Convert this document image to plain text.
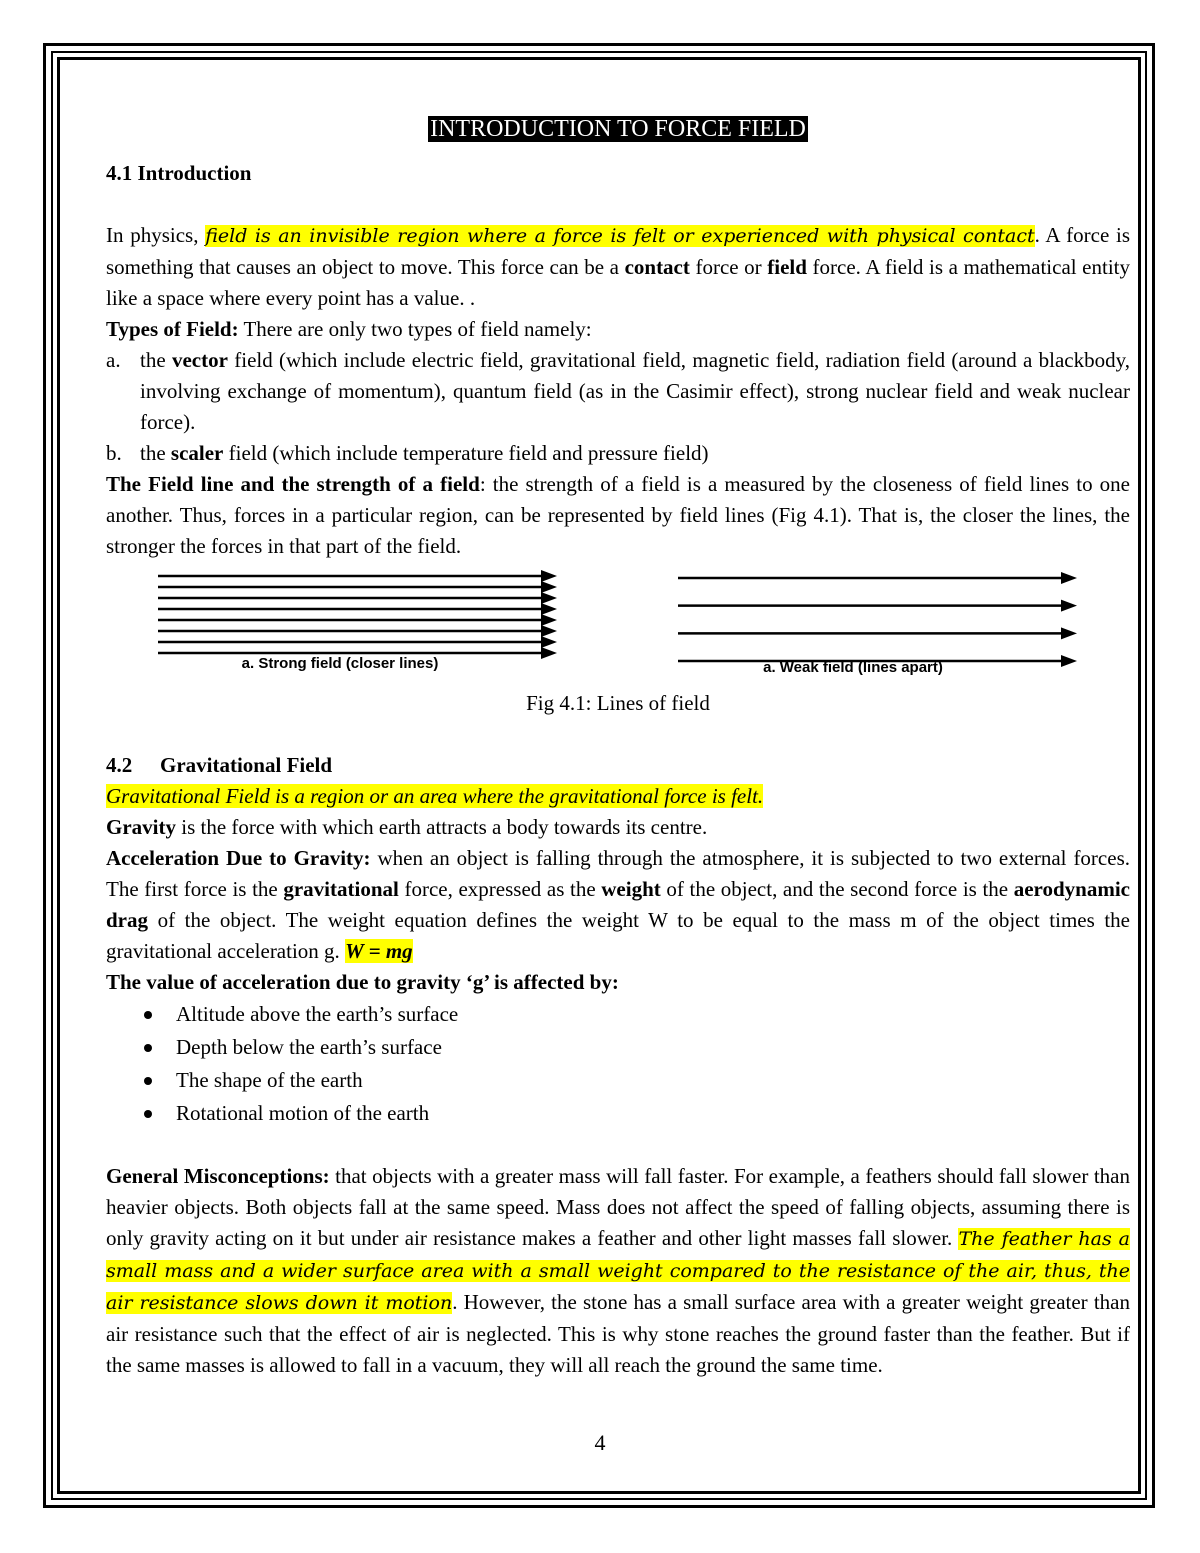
INTRODUCTION TO FORCE FIELD

4.1 Introduction

In physics, field is an invisible region where a force is felt or experienced with physical contact. A force is something that causes an object to move. This force can be a contact force or field force. A field is a mathematical entity like a space where every point has a value. .

Types of Field: There are only two types of field namely:

a. the vector field (which include electric field, gravitational field, magnetic field, radiation field (around a blackbody, involving exchange of momentum), quantum field (as in the Casimir effect), strong nuclear field and weak nuclear force).
b. the scaler field (which include temperature field and pressure field)

The Field line and the strength of a field: the strength of a field is a measured by the closeness of field lines to one another. Thus, forces in a particular region, can be represented by field lines (Fig 4.1). That is, the closer the lines, the stronger the forces in that part of the field.

a. Strong field (closer lines)	a. Weak field (lines apart)

Fig 4.1: Lines of field

4.2 Gravitational Field

Gravitational Field is a region or an area where the gravitational force is felt.

Gravity is the force with which earth attracts a body towards its centre.

Acceleration Due to Gravity: when an object is falling through the atmosphere, it is subjected to two external forces. The first force is the gravitational force, expressed as the weight of the object, and the second force is the aerodynamic drag of the object. The weight equation defines the weight W to be equal to the mass m of the object times the gravitational acceleration g. W = mg

The value of acceleration due to gravity ‘g’ is affected by:

Altitude above the earth’s surface
Depth below the earth’s surface
The shape of the earth
Rotational motion of the earth

General Misconceptions: that objects with a greater mass will fall faster. For example, a feathers should fall slower than heavier objects. Both objects fall at the same speed. Mass does not affect the speed of falling objects, assuming there is only gravity acting on it but under air resistance makes a feather and other light masses fall slower. The feather has a small mass and a wider surface area with a small weight compared to the resistance of the air, thus, the air resistance slows down it motion. However, the stone has a small surface area with a greater weight greater than air resistance such that the effect of air is neglected. This is why stone reaches the ground faster than the feather. But if the same masses is allowed to fall in a vacuum, they will all reach the ground the same time.

4
